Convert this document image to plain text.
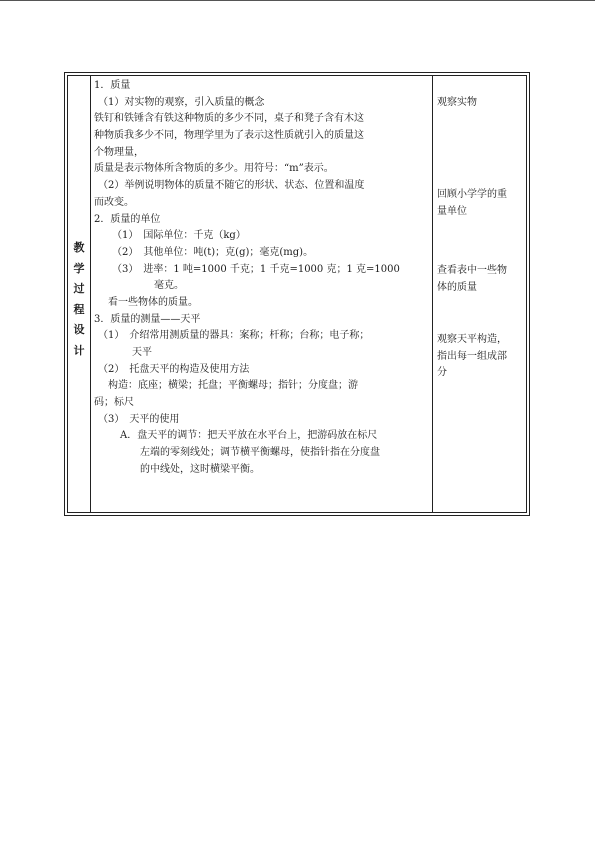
教
学
过
程
设
计
1．质量
（1）对实物的观察，引入质量的概念
铁钉和铁锤含有铁这种物质的多少不同，桌子和凳子含有木这
种物质我多少不同，物理学里为了表示这性质就引入的质量这
个物理量，
质量是表示物体所含物质的多少。用符号：“m”表示。
（2）举例说明物体的质量不随它的形状、状态、位置和温度
而改变。
2．质量的单位
（1）　国际单位：千克（kg）
（2）　其他单位：吨(t)；克(g)；毫克(mg)。
（3）　进率：1 吨=1000 千克；1 千克=1000 克；1 克=1000
毫克。
看一些物体的质量。
3．质量的测量——天平
（1）　介绍常用测质量的器具：案称；杆称；台称；电子称；
天平
（2）　托盘天平的构造及使用方法
构造：底座；横梁；托盘；平衡螺母；指针；分度盘；游
码；标尺
（3）　天平的使用
A．盘天平的调节：把天平放在水平台上，把游码放在标尺
左端的零刻线处；调节横平衡螺母，使指针指在分度盘
的中线处，这时横梁平衡。
观察实物
回顾小学学的重
量单位
查看表中一些物
体的质量
观察天平构造，
指出每一组成部
分
